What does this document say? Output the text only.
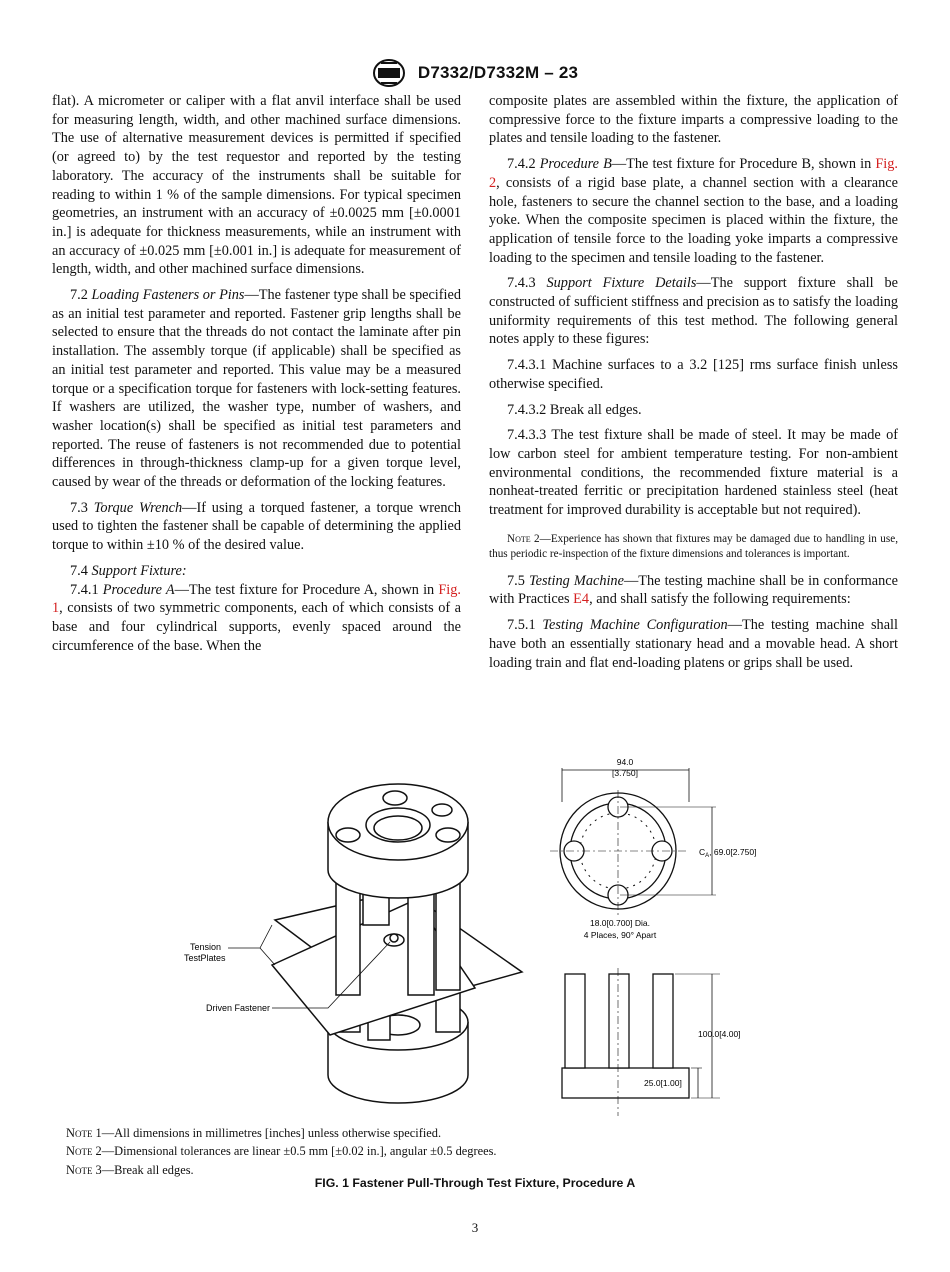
D7332/D7332M – 23

flat). A micrometer or caliper with a flat anvil interface shall be used for measuring length, width, and other machined surface dimensions. The use of alternative measurement devices is permitted if specified (or agreed to) by the test requestor and reported by the testing laboratory. The accuracy of the instruments shall be suitable for reading to within 1 % of the sample dimensions. For typical specimen geometries, an instrument with an accuracy of ±0.0025 mm [±0.0001 in.] is adequate for thickness measurements, while an instrument with an accuracy of ±0.025 mm [±0.001 in.] is adequate for measurement of length, width, and other machined surface dimensions.

7.2 Loading Fasteners or Pins—The fastener type shall be specified as an initial test parameter and reported. Fastener grip lengths shall be selected to ensure that the threads do not contact the laminate after pin installation. The assembly torque (if applicable) shall be specified as an initial test parameter and reported. This value may be a measured torque or a specification torque for fasteners with lock-setting features. If washers are utilized, the washer type, number of washers, and washer location(s) shall be specified as initial test parameters and reported. The reuse of fasteners is not recommended due to potential differences in through-thickness clamp-up for a given torque level, caused by wear of the threads or deformation of the locking features.

7.3 Torque Wrench—If using a torqued fastener, a torque wrench used to tighten the fastener shall be capable of determining the applied torque to within ±10 % of the desired value.

7.4 Support Fixture:

7.4.1 Procedure A—The test fixture for Procedure A, shown in Fig. 1, consists of two symmetric components, each of which consists of a base and four cylindrical supports, evenly spaced around the circumference of the base. When the

composite plates are assembled within the fixture, the application of compressive force to the fixture imparts a compressive loading to the plates and tensile loading to the fastener.

7.4.2 Procedure B—The test fixture for Procedure B, shown in Fig. 2, consists of a rigid base plate, a channel section with a clearance hole, fasteners to secure the channel section to the base, and a loading yoke. When the composite specimen is placed within the fixture, the application of tensile force to the loading yoke imparts a compressive loading to the specimen and tensile loading to the fastener.

7.4.3 Support Fixture Details—The support fixture shall be constructed of sufficient stiffness and precision as to satisfy the loading uniformity requirements of this test method. The following general notes apply to these figures:

7.4.3.1 Machine surfaces to a 3.2 [125] rms surface finish unless otherwise specified.

7.4.3.2 Break all edges.

7.4.3.3 The test fixture shall be made of steel. It may be made of low carbon steel for ambient temperature testing. For non-ambient environmental conditions, the recommended fixture material is a nonheat-treated ferritic or precipitation hardened stainless steel (heat treatment for improved durability is acceptable but not required).

Note 2—Experience has shown that fixtures may be damaged due to handling in use, thus periodic re-inspection of the fixture dimensions and tolerances is important.

7.5 Testing Machine—The testing machine shall be in conformance with Practices E4, and shall satisfy the following requirements:

7.5.1 Testing Machine Configuration—The testing machine shall have both an essentially stationary head and a movable head. A short loading train and flat end-loading platens or grips shall be used.

Tension
TestPlates
Driven Fastener
94.0
[3.750]
$C_A$, 69.0[2.750]
18.0[0.700] Dia.
4 Places, 90° Apart
100.0[4.00]
25.0[1.00]
Note 1—All dimensions in millimetres [inches] unless otherwise specified.
Note 2—Dimensional tolerances are linear ±0.5 mm [±0.02 in.], angular ±0.5 degrees.
Note 3—Break all edges.
FIG. 1 Fastener Pull-Through Test Fixture, Procedure A
3
